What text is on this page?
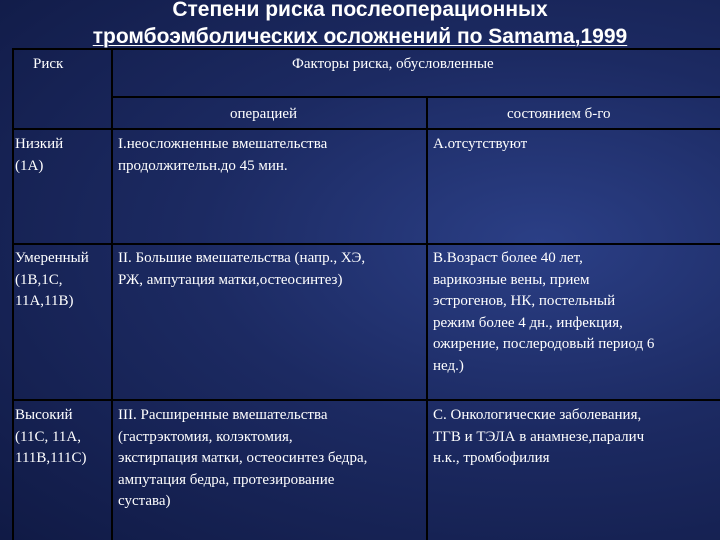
Степени риска послеоперационных
тромбоэмболических осложнений по Samama,1999
Риск	Факторы риска, обусловленные
операцией	состоянием б-го
Низкий
(1А)
I.неосложненные вмешательства
продолжительн.до 45 мин.
А.отсутствуют
Умеренный
(1В,1С,
11А,11В)
II. Большие вмешательства (напр., ХЭ,
РЖ, ампутация матки,остеосинтез)
В.Возраст более 40 лет,
варикозные вены, прием
эстрогенов, НК, постельный
режим более 4 дн., инфекция,
ожирение, послеродовый период 6
нед.)
Высокий
(11С, 11А,
111В,111С)
III. Расширенные вмешательства
(гастрэктомия, колэктомия,
экстирпация матки, остеосинтез бедра,
ампутация бедра, протезирование
сустава)
С. Онкологические заболевания,
ТГВ и ТЭЛА в анамнезе,паралич
н.к., тромбофилия
